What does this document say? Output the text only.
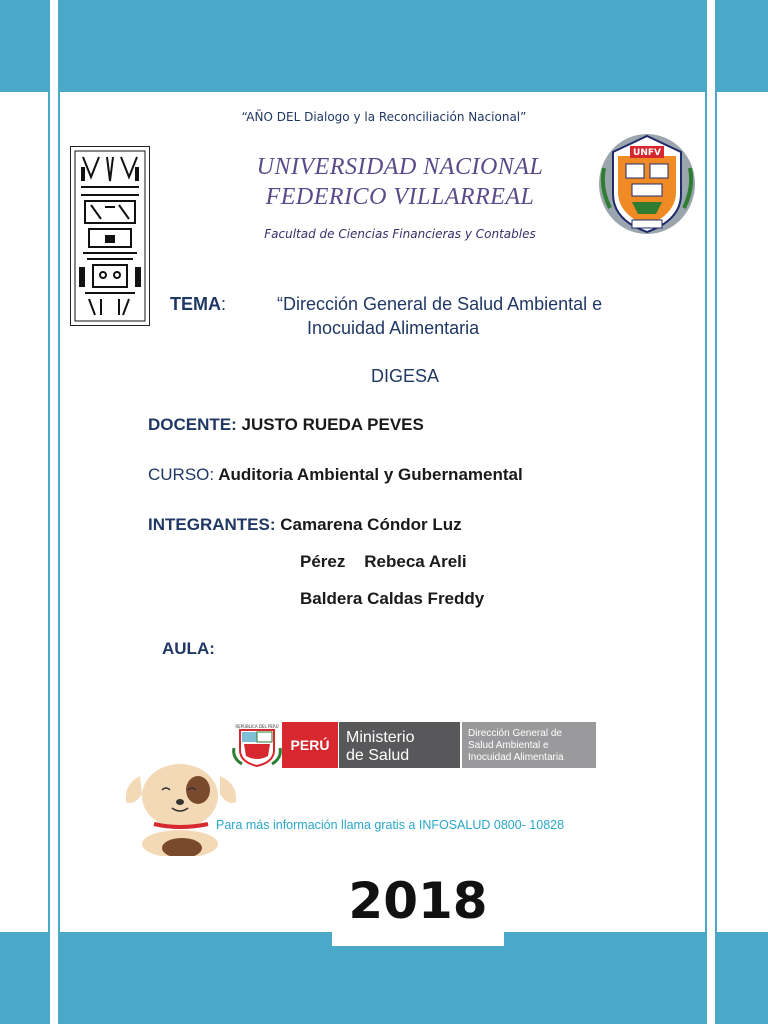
“AÑO DEL Dialogo y la Reconciliación Nacional”
UNIVERSIDAD NACIONAL
FEDERICO VILLARREAL
Facultad de Ciencias Financieras y Contables
UNFV
TEMA:	“Dirección General de Salud Ambiental e
Inocuidad Alimentaria
DIGESA
DOCENTE: JUSTO RUEDA PEVES
CURSO: Auditoria Ambiental y Gubernamental
INTEGRANTES: Camarena Cóndor Luz
Pérez    Rebeca Areli
Baldera Caldas Freddy
AULA:
REPÚBLICA DEL PERÚ
PERÚ Ministerio
de Salud
Dirección General de
Salud Ambiental e
Inocuidad Alimentaria
Para más información llama gratis a INFOSALUD 0800- 10828
2018
